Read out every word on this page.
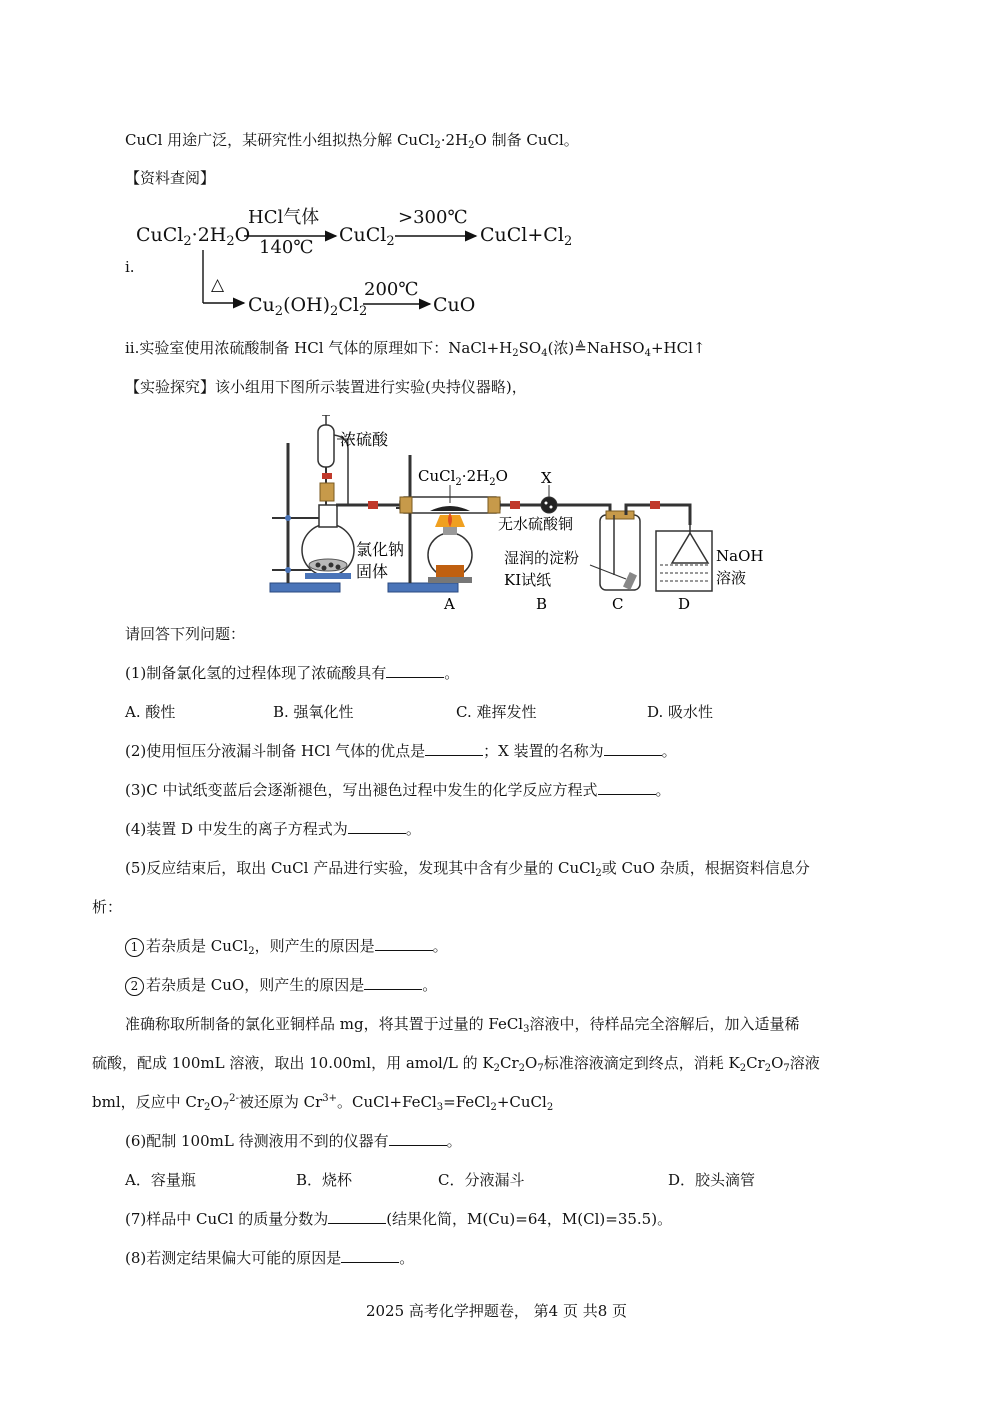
CuCl 用途广泛，某研究性小组拟热分解 $CuCl_2\cdot 2H_2O$ 制备 CuCl。
【资料查阅】
i.
$CuCl_2\cdot 2H_2O$
HCl气体
140℃
CuCl$_2$
>300℃
$CuCl+Cl_2$
△
$Cu_2(OH)_2Cl_2$
200℃
CuO
ii.实验室使用浓硫酸制备 HCl 气体的原理如下：$NaCl+H_2SO_4$(浓)≜NaHSO$_4$+HCl↑
【实验探究】该小组用下图所示装置进行实验(央持仪器略)，
浓硫酸
氯化钠
固体
$CuCl_2\cdot 2H_2O$
A
X
无水硫酸铜
湿润的淀粉
KI试纸
B	C
NaOH
溶液
D
请回答下列问题：
(1)制备氯化氢的过程体现了浓硫酸具有	。
A. 酸性	B. 强氧化性	C. 难挥发性	D. 吸水性
(2)使用恒压分液漏斗制备 HCl 气体的优点是	；X 装置的名称为	。
(3)C 中试纸变蓝后会逐渐褪色，写出褪色过程中发生的化学反应方程式	。
(4)装置 D 中发生的离子方程式为	。
(5)反应结束后，取出 CuCl 产品进行实验，发现其中含有少量的 CuCl$_2$或 CuO 杂质，根据资料信息分
析：
1 若杂质是 CuCl$_2$，则产生的原因是	。
2 若杂质是 CuO，则产生的原因是	。
准确称取所制备的氯化亚铜样品 mg，将其置于过量的 FeCl$_3$溶液中，待样品完全溶解后，加入适量稀
硫酸，配成 100mL 溶液，取出 10.00ml，用 amol/L 的 $K_2Cr_2O_7$标准溶液滴定到终点，消耗 $K_2Cr_2O_7$溶液
bml，反应中 $Cr_2O_7^{2-}$被还原为 $Cr^{3+}$。CuCl+FeCl$_3$=FeCl$_2$+CuCl$_2$
(6)配制 100mL 待测液用不到的仪器有	。
A．容量瓶	B．烧杯	C．分液漏斗	D．胶头滴管
(7)样品中 CuCl 的质量分数为	(结果化简，M(Cu)=64，M(Cl)=35.5)。
(8)若测定结果偏大可能的原因是	。
2025 高考化学押题卷， 第4 页 共8 页
